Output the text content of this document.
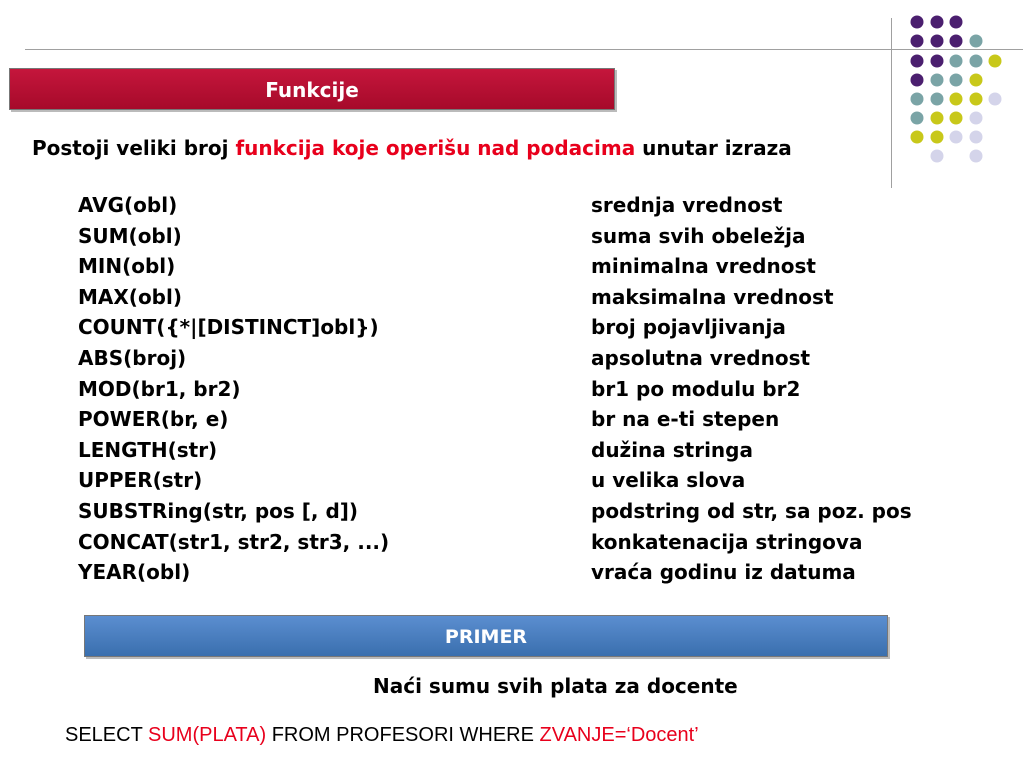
Funkcije
Postoji veliki broj funkcija koje operišu nad podacima unutar izraza
AVG(obl)
SUM(obl)
MIN(obl)
MAX(obl)
COUNT({*|[DISTINCT]obl})
ABS(broj)
MOD(br1, br2)
POWER(br, e)
LENGTH(str)
UPPER(str)
SUBSTRing(str, pos [, d])
CONCAT(str1, str2, str3, ...)
YEAR(obl)
srednja vrednost
suma svih obeležja
minimalna vrednost
maksimalna vrednost
broj pojavljivanja
apsolutna vrednost
br1 po modulu br2
br na e-ti stepen
dužina stringa
u velika slova
podstring od str, sa poz. pos
konkatenacija stringova
vraća godinu iz datuma
PRIMER
Naći sumu svih plata za docente
SELECT SUM(PLATA) FROM PROFESORI WHERE ZVANJE=‘Docent’
